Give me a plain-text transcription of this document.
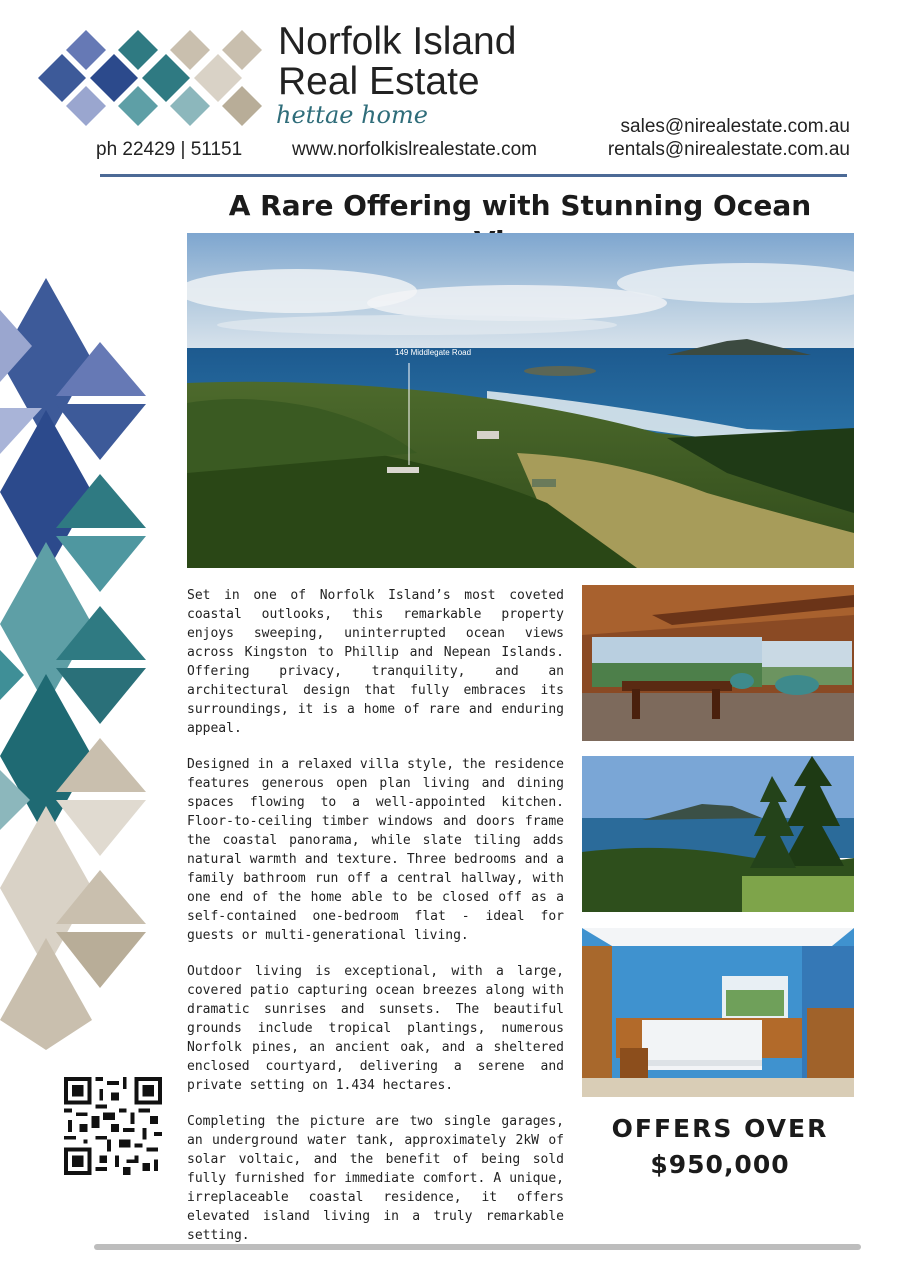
Norfolk Island
Real Estate
hettae home
ph 22429 | 51151	www.norfolkislrealestate.com
sales@nirealestate.com.au
rentals@nirealestate.com.au
A Rare Offering with Stunning Ocean
149 Middlegate Road

Set in one of Norfolk Island’s most coveted coastal outlooks, this remarkable property enjoys sweeping, uninterrupted ocean views across Kingston to Phillip and Nepean Islands. Offering privacy, tranquility, and an architectural design that fully embraces its surroundings, it is a home of rare and enduring appeal.

Designed in a relaxed villa style, the residence features generous open plan living and dining spaces flowing to a well-appointed kitchen. Floor-to-ceiling timber windows and doors frame the coastal panorama, while slate tiling adds natural warmth and texture. Three bedrooms and a family bathroom run off a central hallway, with one end of the home able to be closed off as a self-contained one-bedroom flat - ideal for guests or multi-generational living.

Outdoor living is exceptional, with a large, covered patio capturing ocean breezes along with dramatic sunrises and sunsets. The beautiful grounds include tropical plantings, numerous Norfolk pines, an ancient oak, and a sheltered enclosed courtyard, delivering a serene and private setting on 1.434 hectares.

Completing the picture are two single garages, an underground water tank, approximately 2kW of solar voltaic, and the benefit of being sold fully furnished for immediate comfort. A unique, irreplaceable coastal residence, it offers elevated island living in a truly remarkable setting.

OFFERS OVER
$950,000
